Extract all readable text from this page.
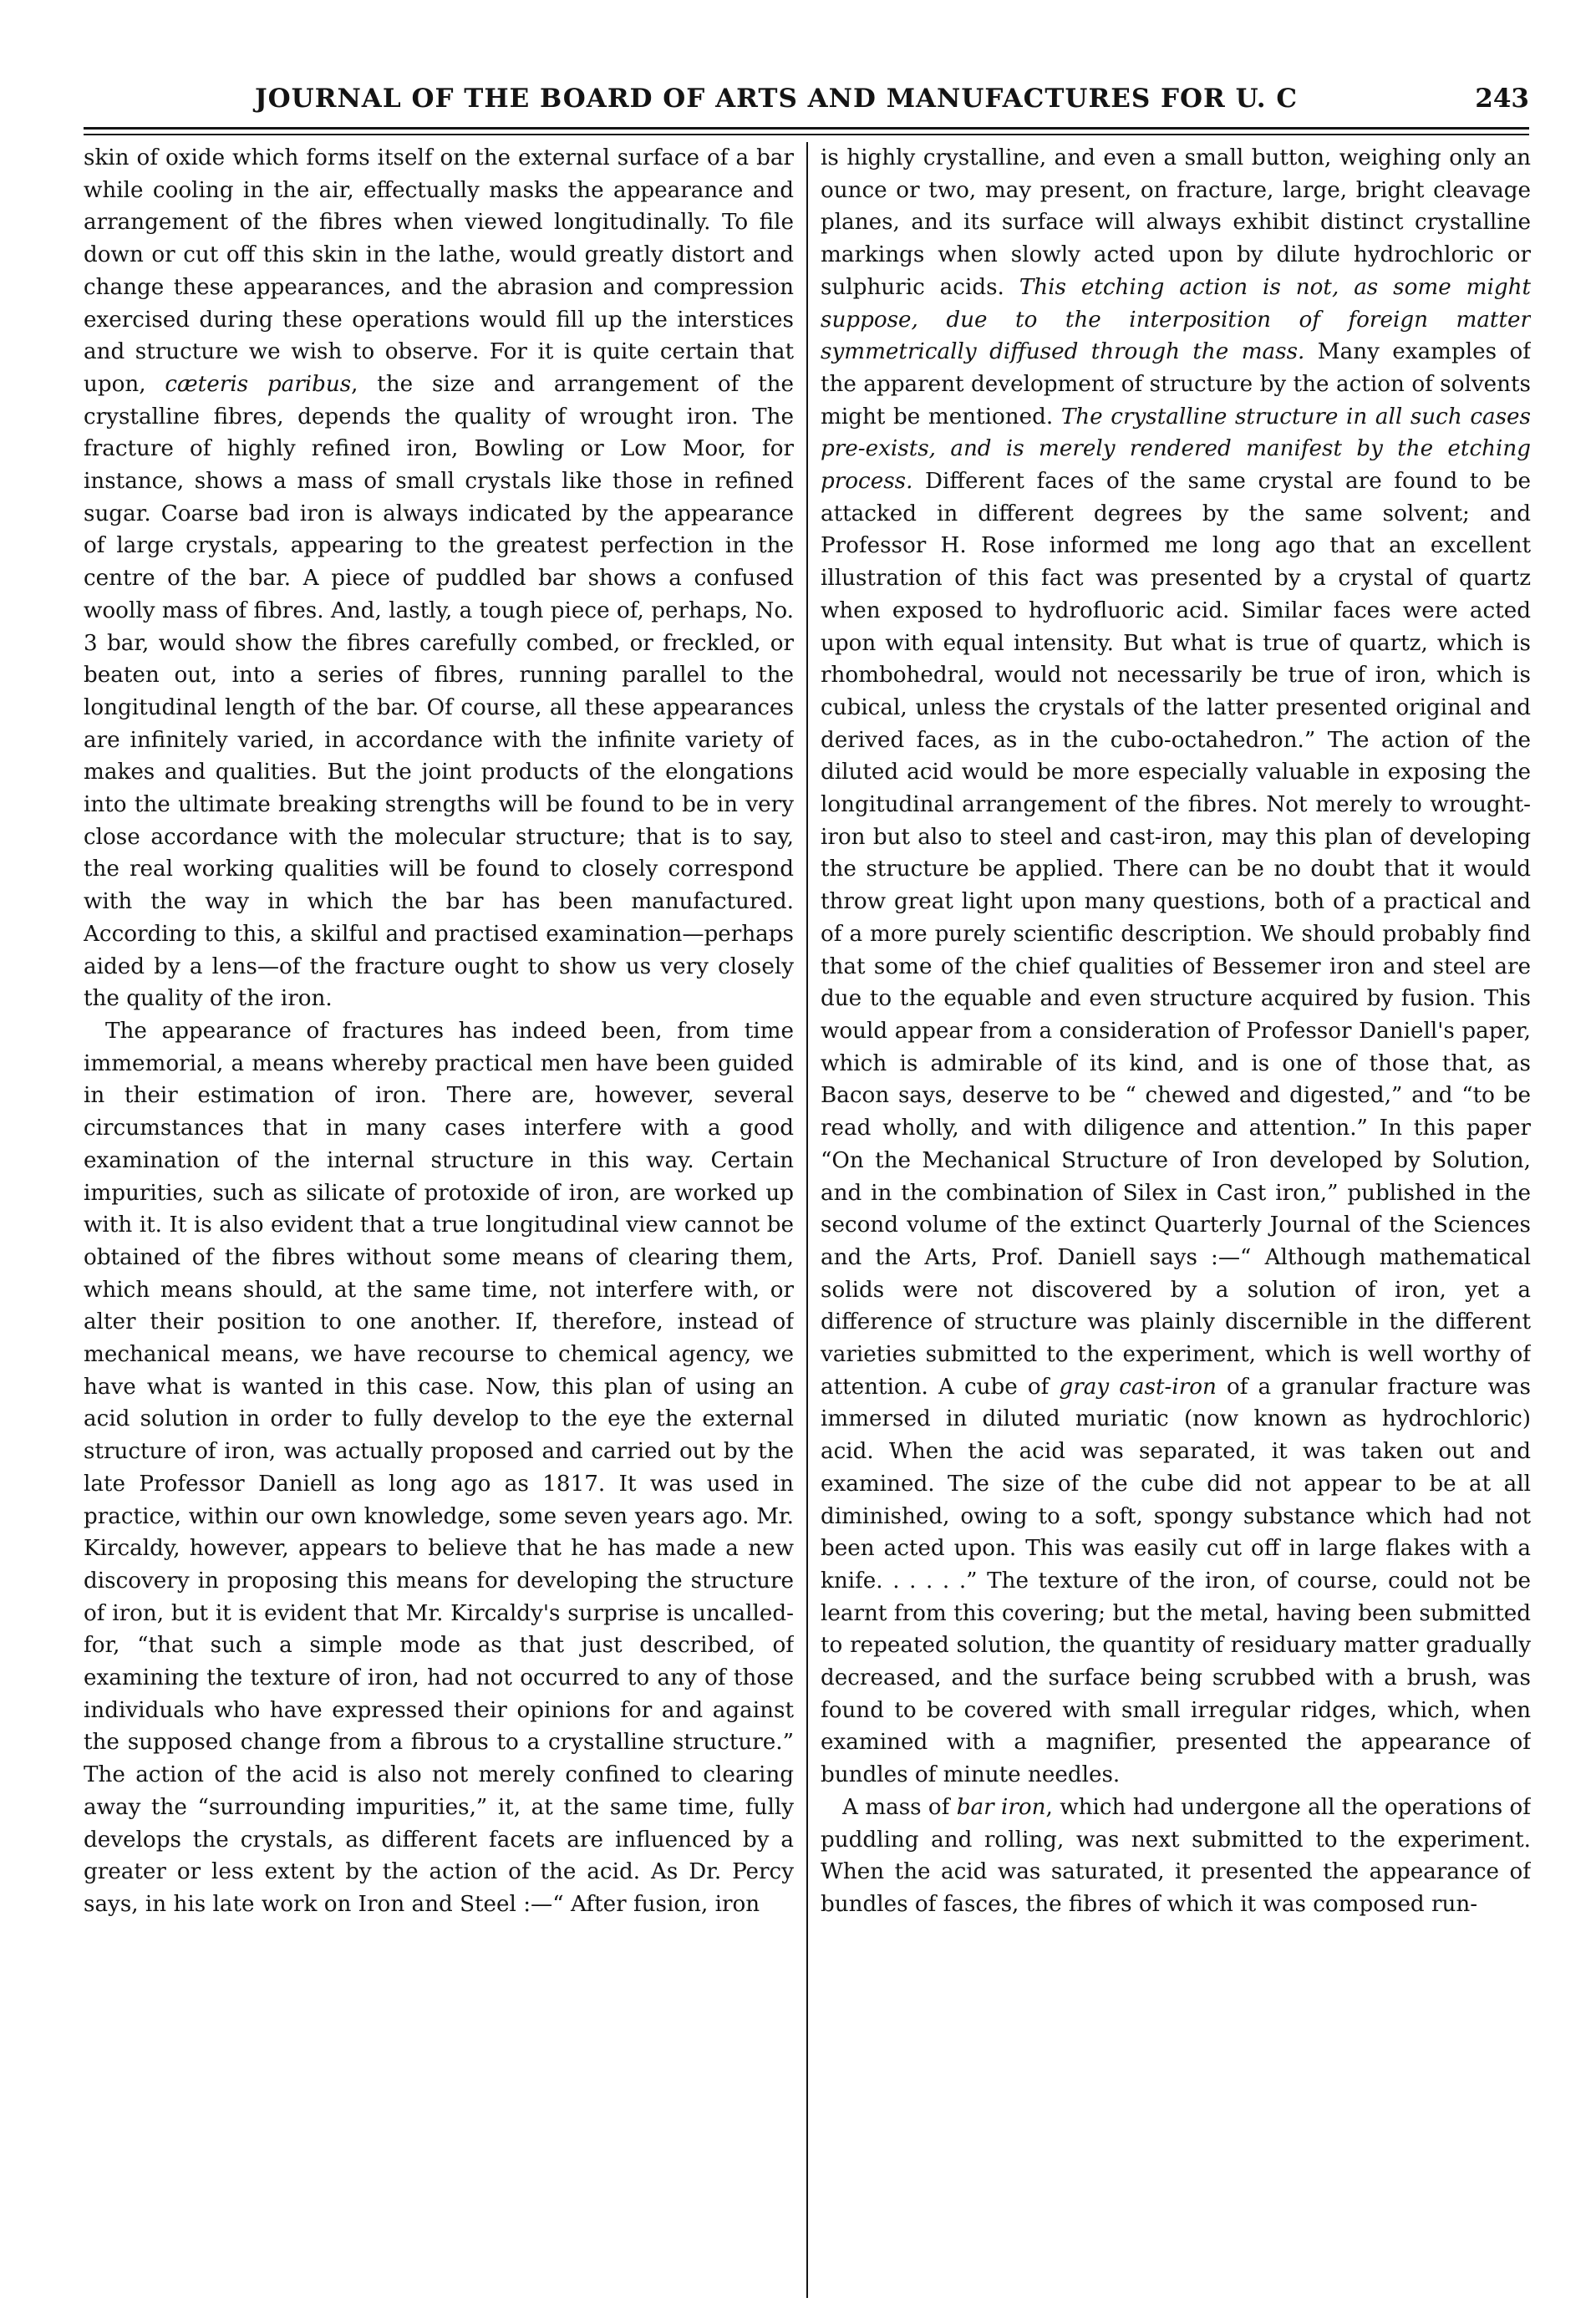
JOURNAL OF THE BOARD OF ARTS AND MANUFACTURES FOR U. C	243

skin of oxide which forms itself on the external surface of a bar while cooling in the air, effectually masks the appearance and arrangement of the fibres when viewed longitudinally. To file down or cut off this skin in the lathe, would greatly distort and change these appearances, and the abrasion and compression exercised during these operations would fill up the interstices and structure we wish to observe. For it is quite certain that upon, cæteris paribus, the size and arrangement of the crystalline fibres, depends the quality of wrought iron. The fracture of highly refined iron, Bowling or Low Moor, for instance, shows a mass of small crystals like those in refined sugar. Coarse bad iron is always indicated by the appearance of large crystals, appearing to the greatest perfection in the centre of the bar. A piece of puddled bar shows a confused woolly mass of fibres. And, lastly, a tough piece of, perhaps, No. 3 bar, would show the fibres carefully combed, or freckled, or beaten out, into a series of fibres, running parallel to the longitudinal length of the bar. Of course, all these appearances are infinitely varied, in accordance with the infinite variety of makes and qualities. But the joint products of the elongations into the ultimate breaking strengths will be found to be in very close accordance with the molecular structure; that is to say, the real working qualities will be found to closely correspond with the way in which the bar has been manufactured. According to this, a skilful and practised examination—perhaps aided by a lens—of the fracture ought to show us very closely the quality of the iron.

The appearance of fractures has indeed been, from time immemorial, a means whereby practical men have been guided in their estimation of iron. There are, however, several circumstances that in many cases interfere with a good examination of the internal structure in this way. Certain impurities, such as silicate of protoxide of iron, are worked up with it. It is also evident that a true longitudinal view cannot be obtained of the fibres without some means of clearing them, which means should, at the same time, not interfere with, or alter their position to one another. If, therefore, instead of mechanical means, we have recourse to chemical agency, we have what is wanted in this case. Now, this plan of using an acid solution in order to fully develop to the eye the external structure of iron, was actually proposed and carried out by the late Professor Daniell as long ago as 1817. It was used in practice, within our own knowledge, some seven years ago. Mr. Kircaldy, however, appears to believe that he has made a new discovery in proposing this means for developing the structure of iron, but it is evident that Mr. Kircaldy's surprise is uncalled-for, “that such a simple mode as that just described, of examining the texture of iron, had not occurred to any of those individuals who have expressed their opinions for and against the supposed change from a fibrous to a crystalline structure.” The action of the acid is also not merely confined to clearing away the “surrounding impurities,” it, at the same time, fully develops the crystals, as different facets are influenced by a greater or less extent by the action of the acid. As Dr. Percy says, in his late work on Iron and Steel :—“ After fusion, iron

is highly crystalline, and even a small button, weighing only an ounce or two, may present, on fracture, large, bright cleavage planes, and its surface will always exhibit distinct crystalline markings when slowly acted upon by dilute hydrochloric or sulphuric acids. This etching action is not, as some might suppose, due to the interposition of foreign matter symmetrically diffused through the mass. Many examples of the apparent development of structure by the action of solvents might be mentioned. The crystalline structure in all such cases pre-exists, and is merely rendered manifest by the etching process. Different faces of the same crystal are found to be attacked in different degrees by the same solvent; and Professor H. Rose informed me long ago that an excellent illustration of this fact was presented by a crystal of quartz when exposed to hydrofluoric acid. Similar faces were acted upon with equal intensity. But what is true of quartz, which is rhombohedral, would not necessarily be true of iron, which is cubical, unless the crystals of the latter presented original and derived faces, as in the cubo-octahedron.” The action of the diluted acid would be more especially valuable in exposing the longitudinal arrangement of the fibres. Not merely to wrought-iron but also to steel and cast-iron, may this plan of developing the structure be applied. There can be no doubt that it would throw great light upon many questions, both of a practical and of a more purely scientific description. We should probably find that some of the chief qualities of Bessemer iron and steel are due to the equable and even structure acquired by fusion. This would appear from a consideration of Professor Daniell's paper, which is admirable of its kind, and is one of those that, as Bacon says, deserve to be “ chewed and digested,” and “to be read wholly, and with diligence and attention.” In this paper “On the Mechanical Structure of Iron developed by Solution, and in the combination of Silex in Cast iron,” published in the second volume of the extinct Quarterly Journal of the Sciences and the Arts, Prof. Daniell says :—“ Although mathematical solids were not discovered by a solution of iron, yet a difference of structure was plainly discernible in the different varieties submitted to the experiment, which is well worthy of attention. A cube of gray cast-iron of a granular fracture was immersed in diluted muriatic (now known as hydrochloric) acid. When the acid was separated, it was taken out and examined. The size of the cube did not appear to be at all diminished, owing to a soft, spongy substance which had not been acted upon. This was easily cut off in large flakes with a knife. . . . . .” The texture of the iron, of course, could not be learnt from this covering; but the metal, having been submitted to repeated solution, the quantity of residuary matter gradually decreased, and the surface being scrubbed with a brush, was found to be covered with small irregular ridges, which, when examined with a magnifier, presented the appearance of bundles of minute needles.

A mass of bar iron, which had undergone all the operations of puddling and rolling, was next submitted to the experiment. When the acid was saturated, it presented the appearance of bundles of fasces, the fibres of which it was composed run-
